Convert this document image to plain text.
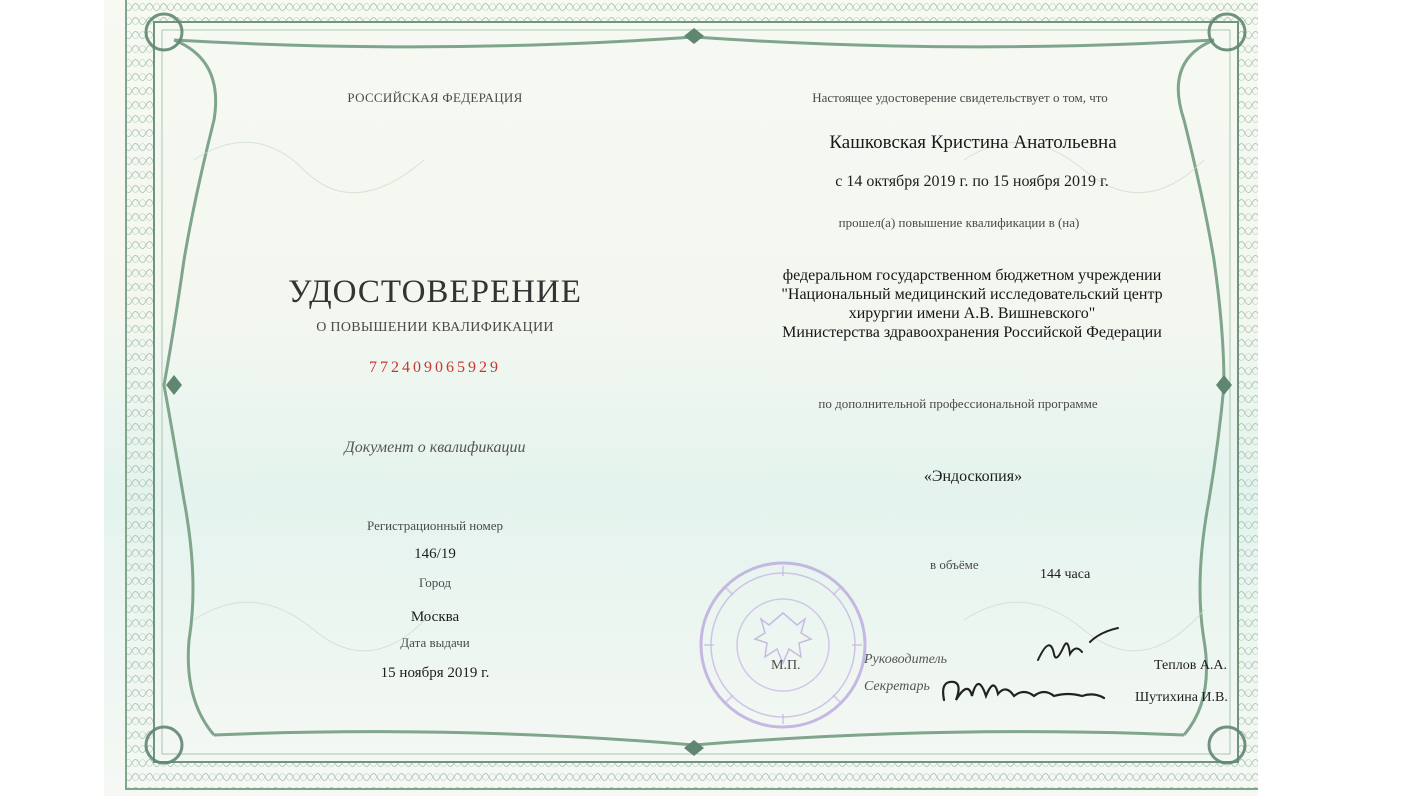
РОССИЙСКАЯ ФЕДЕРАЦИЯ
УДОСТОВЕРЕНИЕ
О ПОВЫШЕНИИ КВАЛИФИКАЦИИ
772409065929
Документ о квалификации
Регистрационный номер
146/19
Город
Москва
Дата выдачи
15 ноября 2019 г.
Настоящее удостоверение свидетельствует о том, что
Кашковская Кристина Анатольевна
с 14 октября 2019 г. по 15 ноября 2019 г.
прошел(а) повышение квалификации в (на)
федеральном государственном бюджетном учреждении
"Национальный медицинский исследовательский центр
хирургии имени А.В. Вишневского"
Министерства здравоохранения Российской Федерации
по дополнительной профессиональной программе
«Эндоскопия»
в объёме
144 часа
М.П.	Руководитель
Секретарь
Теплов А.А.
Шутихина И.В.
